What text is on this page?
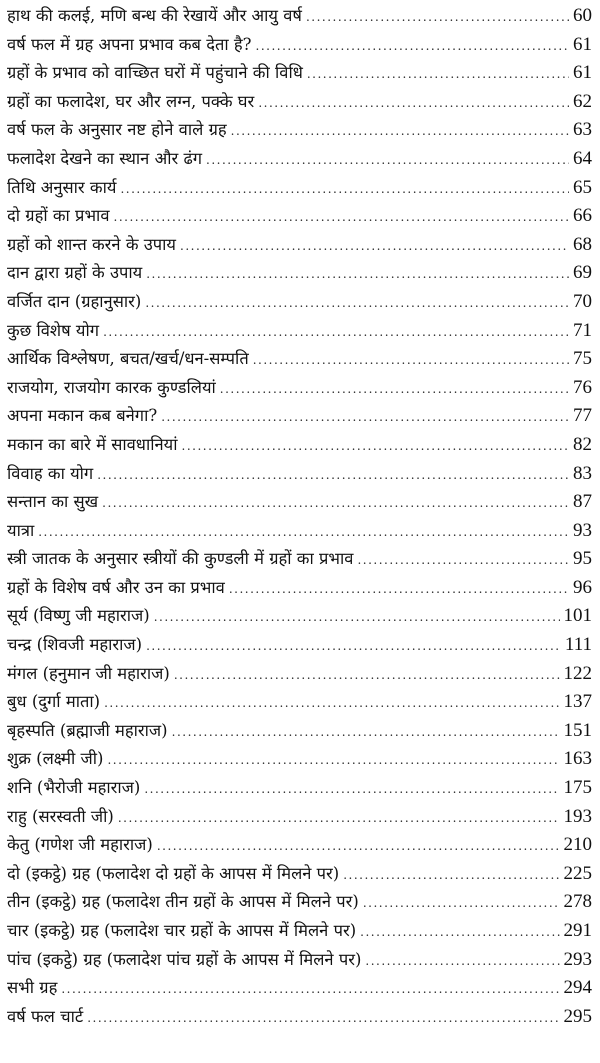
हाथ की कलई, मणि बन्ध की रेखायें और आयु वर्ष .....	60
वर्ष फल में ग्रह अपना प्रभाव कब देता है? .....	61
ग्रहों के प्रभाव को वाच्छित घरों में पहुंचाने की विधि .....	61
ग्रहों का फलादेश, घर और लग्न, पक्के घर .....	62
वर्ष फल के अनुसार नष्ट होने वाले ग्रह .....	63
फलादेश देखने का स्थान और ढंग .....	64
तिथि अनुसार कार्य .....	65
दो ग्रहों का प्रभाव .....	66
ग्रहों को शान्त करने के उपाय .....	68
दान द्वारा ग्रहों के उपाय .....	69
वर्जित दान (ग्रहानुसार) .....	70
कुछ विशेष योग .....	71
आर्थिक विश्लेषण, बचत/खर्च/धन-सम्पति .....	75
राजयोग, राजयोग कारक कुण्डलियां .....	76
अपना मकान कब बनेगा? .....	77
मकान का बारे में सावधानियां .....	82
विवाह का योग .....	83
सन्तान का सुख .....	87
यात्रा .....	93
स्त्री जातक के अनुसार स्त्रीयों की कुण्डली में ग्रहों का प्रभाव .....	95
ग्रहों के विशेष वर्ष और उन का प्रभाव .....	96
सूर्य (विष्णु जी महाराज) .....	101
चन्द्र (शिवजी महाराज) .....	111
मंगल (हनुमान जी महाराज) .....	122
बुध (दुर्गा माता) .....	137
बृहस्पति (ब्रह्माजी महाराज) .....	151
शुक्र (लक्ष्मी जी) .....	163
शनि (भैरोजी महाराज) .....	175
राहु (सरस्वती जी) .....	193
केतु (गणेश जी महाराज) .....	210
दो (इकट्ठे) ग्रह (फलादेश दो ग्रहों के आपस में मिलने पर) .....	225
तीन (इकट्ठे) ग्रह (फलादेश तीन ग्रहों के आपस में मिलने पर) .....	278
चार (इकट्ठे) ग्रह (फलादेश चार ग्रहों के आपस में मिलने पर) .....	291
पांच (इकट्ठे) ग्रह (फलादेश पांच ग्रहों के आपस में मिलने पर) .....	293
सभी ग्रह .....	294
वर्ष फल चार्ट .....	295
